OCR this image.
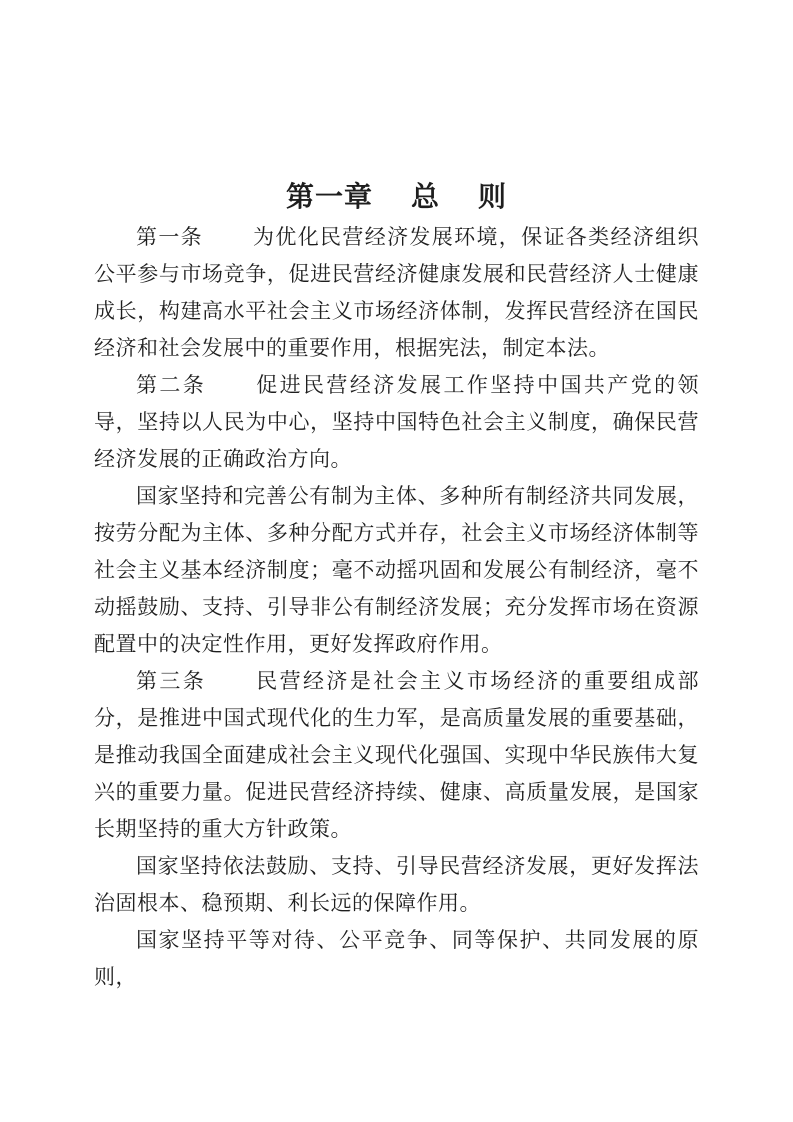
第一章 总 则

第一条 为优化民营经济发展环境，保证各类经济组织公平参与市场竞争，促进民营经济健康发展和民营经济人士健康成长，构建高水平社会主义市场经济体制，发挥民营经济在国民经济和社会发展中的重要作用，根据宪法，制定本法。

第二条 促进民营经济发展工作坚持中国共产党的领导，坚持以人民为中心，坚持中国特色社会主义制度，确保民营经济发展的正确政治方向。

国家坚持和完善公有制为主体、多种所有制经济共同发展，按劳分配为主体、多种分配方式并存，社会主义市场经济体制等社会主义基本经济制度；毫不动摇巩固和发展公有制经济，毫不动摇鼓励、支持、引导非公有制经济发展；充分发挥市场在资源配置中的决定性作用，更好发挥政府作用。

第三条 民营经济是社会主义市场经济的重要组成部分，是推进中国式现代化的生力军，是高质量发展的重要基础，是推动我国全面建成社会主义现代化强国、实现中华民族伟大复兴的重要力量。促进民营经济持续、健康、高质量发展，是国家长期坚持的重大方针政策。

国家坚持依法鼓励、支持、引导民营经济发展，更好发挥法治固根本、稳预期、利长远的保障作用。

国家坚持平等对待、公平竞争、同等保护、共同发展的原则，
